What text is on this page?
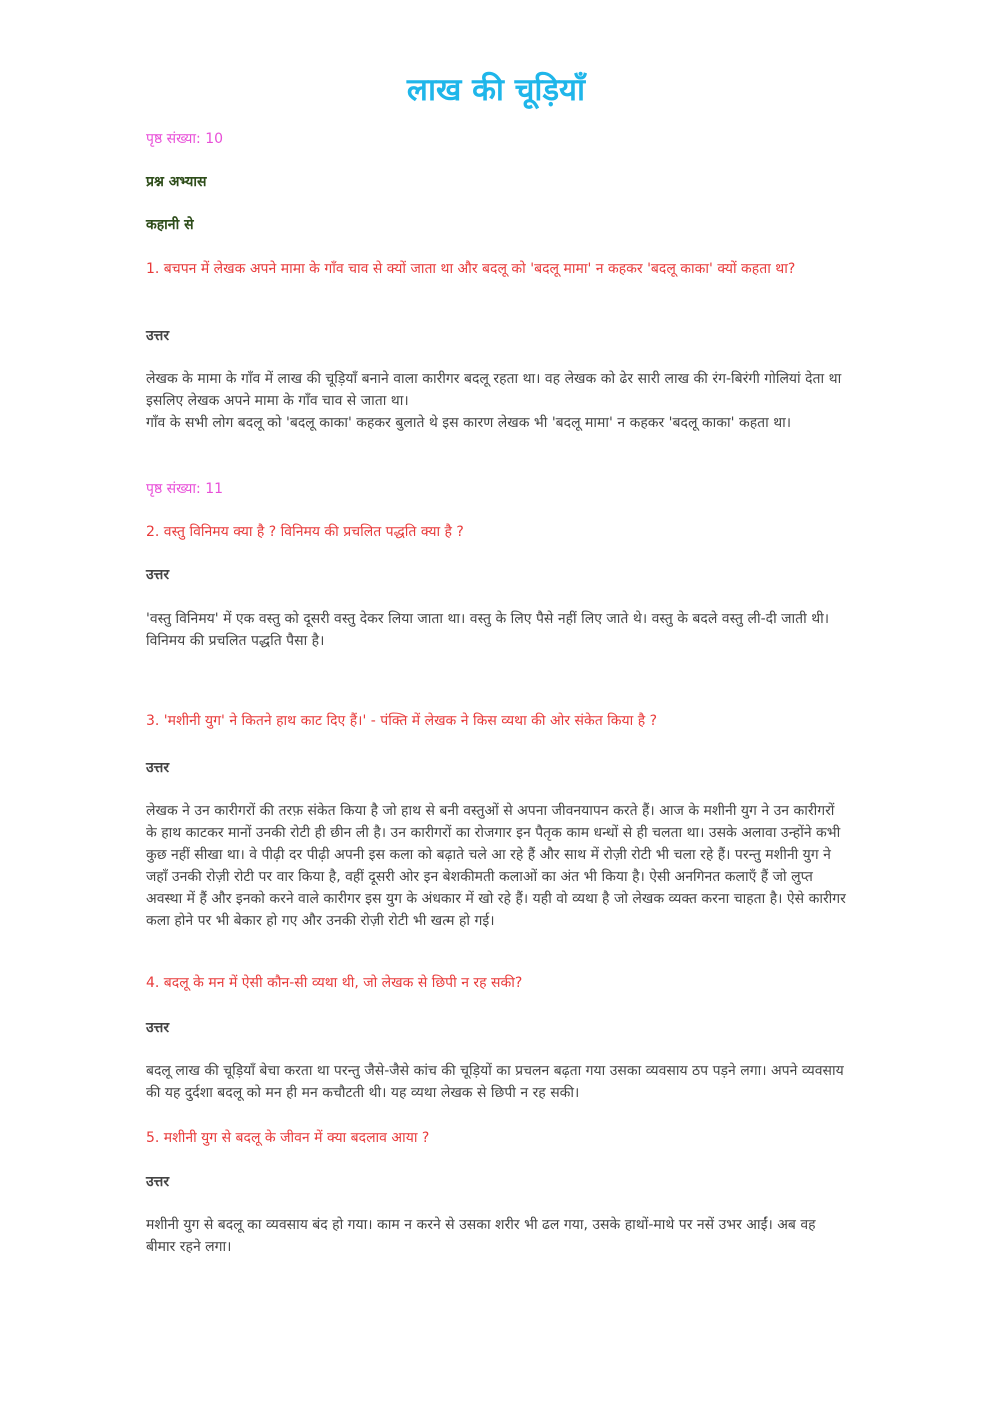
लाख की चूड़ियाँ

पृष्ठ संख्या: 10

प्रश्न अभ्यास

कहानी से

1. बचपन में लेखक अपने मामा के गाँव चाव से क्यों जाता था और बदलू को 'बदलू मामा' न कहकर 'बदलू काका' क्यों कहता था?

उत्तर

लेखक के मामा के गाँव में लाख की चूड़ियाँ बनाने वाला कारीगर बदलू रहता था। वह लेखक को ढेर सारी लाख की रंग-बिरंगी गोलियां देता था इसलिए लेखक अपने मामा के गाँव चाव से जाता था।
गाँव के सभी लोग बदलू को 'बदलू काका' कहकर बुलाते थे इस कारण लेखक भी 'बदलू मामा' न कहकर 'बदलू काका' कहता था।

पृष्ठ संख्या: 11

2. वस्तु विनिमय क्या है ? विनिमय की प्रचलित पद्धति क्या है ?

उत्तर

'वस्तु विनिमय' में एक वस्तु को दूसरी वस्तु देकर लिया जाता था। वस्तु के लिए पैसे नहीं लिए जाते थे। वस्तु के बदले वस्तु ली-दी जाती थी।
विनिमय की प्रचलित पद्धति पैसा है।

3. 'मशीनी युग' ने कितने हाथ काट दिए हैं।' - पंक्ति में लेखक ने किस व्यथा की ओर संकेत किया है ?

उत्तर

लेखक ने उन कारीगरों की तरफ़ संकेत किया है जो हाथ से बनी वस्तुओं से अपना जीवनयापन करते हैं। आज के मशीनी युग ने उन कारीगरों के हाथ काटकर मानों उनकी रोटी ही छीन ली है। उन कारीगरों का रोजगार इन पैतृक काम धन्धों से ही चलता था। उसके अलावा उन्होंने कभी कुछ नहीं सीखा था। वे पीढ़ी दर पीढ़ी अपनी इस कला को बढ़ाते चले आ रहे हैं और साथ में रोज़ी रोटी भी चला रहे हैं। परन्तु मशीनी युग ने जहाँ उनकी रोज़ी रोटी पर वार किया है, वहीं दूसरी ओर इन बेशकीमती कलाओं का अंत भी किया है। ऐसी अनगिनत कलाएँ हैं जो लुप्त अवस्था में हैं और इनको करने वाले कारीगर इस युग के अंधकार में खो रहे हैं। यही वो व्यथा है जो लेखक व्यक्त करना चाहता है। ऐसे कारीगर कला होने पर भी बेकार हो गए और उनकी रोज़ी रोटी भी खत्म हो गई।

4. बदलू के मन में ऐसी कौन-सी व्यथा थी, जो लेखक से छिपी न रह सकी?

उत्तर

बदलू लाख की चूड़ियाँ बेचा करता था परन्तु जैसे-जैसे कांच की चूड़ियों का प्रचलन बढ़ता गया उसका व्यवसाय ठप पड़ने लगा। अपने व्यवसाय की यह दुर्दशा बदलू को मन ही मन कचौटती थी। यह व्यथा लेखक से छिपी न रह सकी।

5. मशीनी युग से बदलू के जीवन में क्या बदलाव आया ?

उत्तर

मशीनी युग से बदलू का व्यवसाय बंद हो गया। काम न करने से उसका शरीर भी ढल गया, उसके हाथों-माथे पर नसें उभर आईं। अब वह बीमार रहने लगा।
